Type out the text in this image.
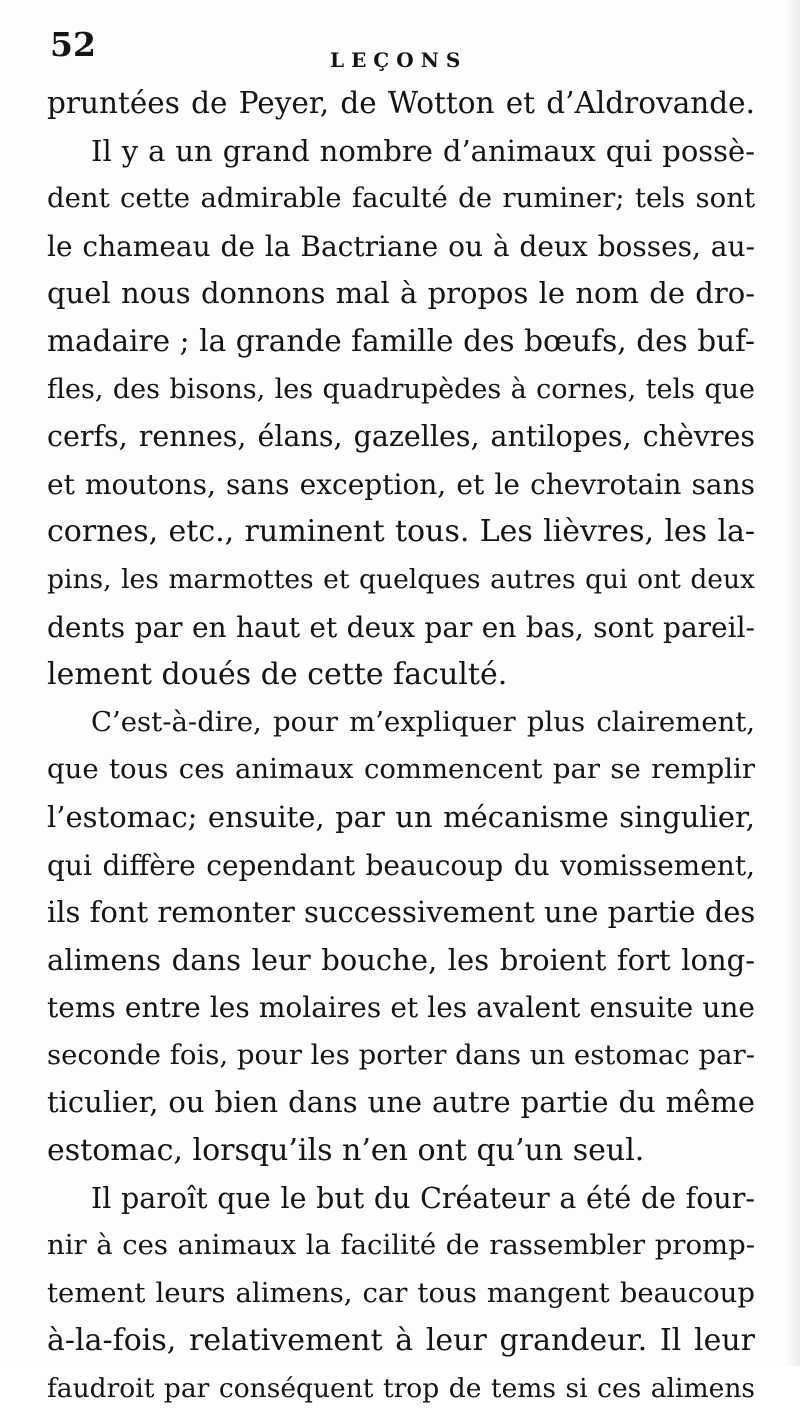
52	LEÇONS
pruntées de Peyer, de Wotton et d’Aldrovande.
Il y a un grand nombre d’animaux qui possè-
dent cette admirable faculté de ruminer; tels sont
le chameau de la Bactriane ou à deux bosses, au-
quel nous donnons mal à propos le nom de dro-
madaire ; la grande famille des bœufs, des buf-
fles, des bisons, les quadrupèdes à cornes, tels que
cerfs, rennes, élans, gazelles, antilopes, chèvres
et moutons, sans exception, et le chevrotain sans
cornes, etc., ruminent tous. Les lièvres, les la-
pins, les marmottes et quelques autres qui ont deux
dents par en haut et deux par en bas, sont pareil-
lement doués de cette faculté.
C’est-à-dire, pour m’expliquer plus clairement,
que tous ces animaux commencent par se remplir
l’estomac; ensuite, par un mécanisme singulier,
qui diffère cependant beaucoup du vomissement,
ils font remonter successivement une partie des
alimens dans leur bouche, les broient fort long-
tems entre les molaires et les avalent ensuite une
seconde fois, pour les porter dans un estomac par-
ticulier, ou bien dans une autre partie du même
estomac, lorsqu’ils n’en ont qu’un seul.
Il paroît que le but du Créateur a été de four-
nir à ces animaux la facilité de rassembler promp-
tement leurs alimens, car tous mangent beaucoup
à-la-fois, relativement à leur grandeur. Il leur
faudroit par conséquent trop de tems si ces alimens
